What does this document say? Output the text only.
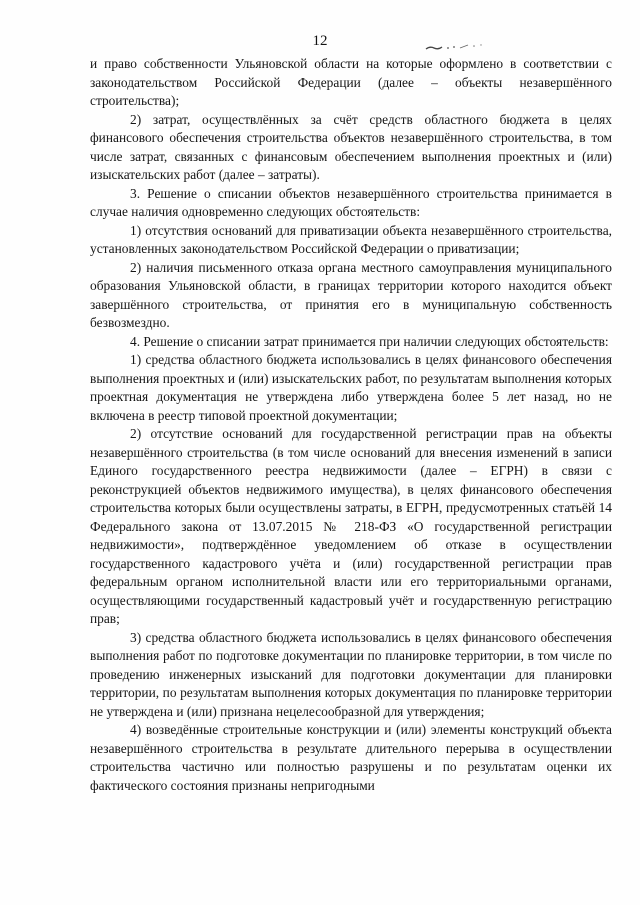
12

и право собственности Ульяновской области на которые оформлено в соответствии с законодательством Российской Федерации (далее – объекты незавершённого строительства);

2) затрат, осуществлённых за счёт средств областного бюджета в целях финансового обеспечения строительства объектов незавершённого строительства, в том числе затрат, связанных с финансовым обеспечением выполнения проектных и (или) изыскательских работ (далее – затраты).

3. Решение о списании объектов незавершённого строительства принимается в случае наличия одновременно следующих обстоятельств:

1) отсутствия оснований для приватизации объекта незавершённого строительства, установленных законодательством Российской Федерации о приватизации;

2) наличия письменного отказа органа местного самоуправления муниципального образования Ульяновской области, в границах территории которого находится объект завершённого строительства, от принятия его в муниципальную собственность безвозмездно.

4. Решение о списании затрат принимается при наличии следующих обстоятельств:

1) средства областного бюджета использовались в целях финансового обеспечения выполнения проектных и (или) изыскательских работ, по результатам выполнения которых проектная документация не утверждена либо утверждена более 5 лет назад, но не включена в реестр типовой проектной документации;

2) отсутствие оснований для государственной регистрации прав на объекты незавершённого строительства (в том числе оснований для внесения изменений в записи Единого государственного реестра недвижимости (далее – ЕГРН) в связи с реконструкцией объектов недвижимого имущества), в целях финансового обеспечения строительства которых были осуществлены затраты, в ЕГРН, предусмотренных статьёй 14 Федерального закона от 13.07.2015 № 218-ФЗ «О государственной регистрации недвижимости», подтверждённое уведомлением об отказе в осуществлении государственного кадастрового учёта и (или) государственной регистрации прав федеральным органом исполнительной власти или его территориальными органами, осуществляющими государственный кадастровый учёт и государственную регистрацию прав;

3) средства областного бюджета использовались в целях финансового обеспечения выполнения работ по подготовке документации по планировке территории, в том числе по проведению инженерных изысканий для подготовки документации для планировки территории, по результатам выполнения которых документация по планировке территории не утверждена и (или) признана нецелесообразной для утверждения;

4) возведённые строительные конструкции и (или) элементы конструкций объекта незавершённого строительства в результате длительного перерыва в осуществлении строительства частично или полностью разрушены и по результатам оценки их фактического состояния признаны непригодными
